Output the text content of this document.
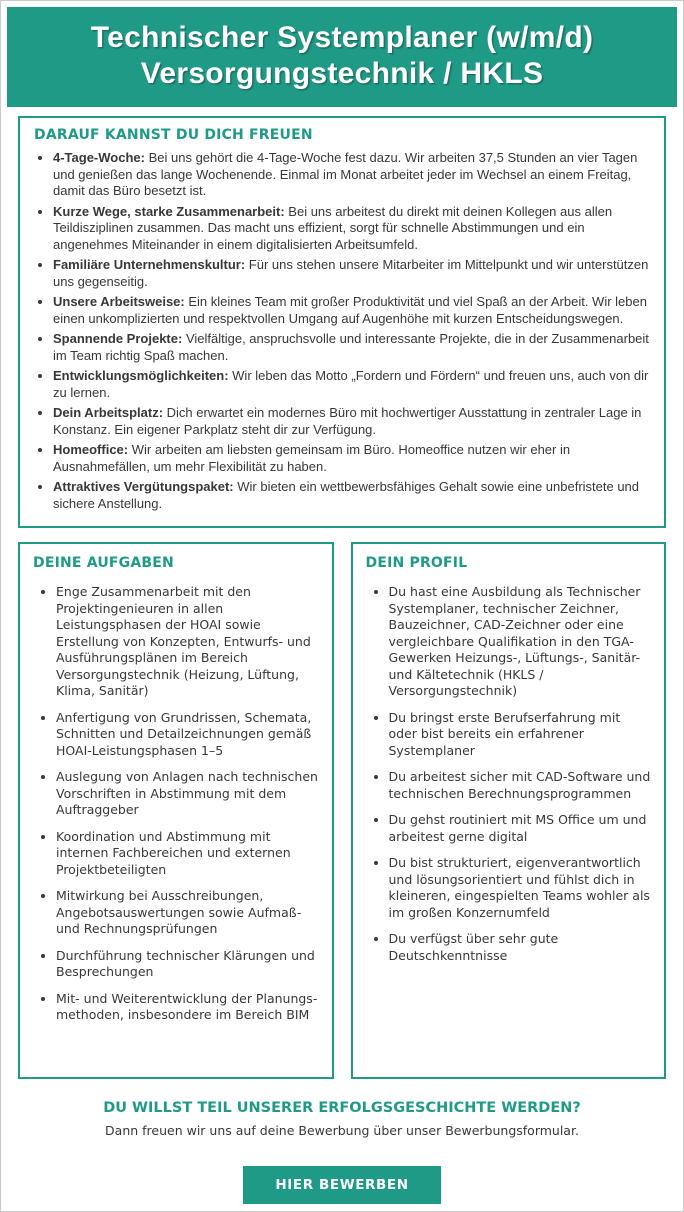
Technischer Systemplaner (w/m/d)
Versorgungstechnik / HKLS
DARAUF KANNST DU DICH FREUEN
• 4-Tage-Woche: Bei uns gehört die 4-Tage-Woche fest dazu. Wir arbeiten 37,5 Stunden an vier Tagen und genießen das lange Wochenende. Einmal im Monat arbeitet jeder im Wechsel an einem Freitag, damit das Büro besetzt ist.
• Kurze Wege, starke Zusammenarbeit: Bei uns arbeitest du direkt mit deinen Kollegen aus allen Teildisziplinen zusammen. Das macht uns effizient, sorgt für schnelle Abstimmungen und ein angenehmes Miteinander in einem digitalisierten Arbeitsumfeld.
• Familiäre Unternehmenskultur: Für uns stehen unsere Mitarbeiter im Mittelpunkt und wir unterstützen uns gegenseitig.
• Unsere Arbeitsweise: Ein kleines Team mit großer Produktivität und viel Spaß an der Arbeit. Wir leben einen unkomplizierten und respektvollen Umgang auf Augenhöhe mit kurzen Entscheidungswegen.
• Spannende Projekte: Vielfältige, anspruchsvolle und interessante Projekte, die in der Zusammenarbeit im Team richtig Spaß machen.
• Entwicklungsmöglichkeiten: Wir leben das Motto „Fordern und Fördern“ und freuen uns, auch von dir zu lernen.
• Dein Arbeitsplatz: Dich erwartet ein modernes Büro mit hochwertiger Ausstattung in zentraler Lage in Konstanz. Ein eigener Parkplatz steht dir zur Verfügung.
• Homeoffice: Wir arbeiten am liebsten gemeinsam im Büro. Homeoffice nutzen wir eher in Ausnahmefällen, um mehr Flexibilität zu haben.
• Attraktives Vergütungspaket: Wir bieten ein wettbewerbsfähiges Gehalt sowie eine unbefristete und sichere Anstellung.
DEINE AUFGABEN
• Enge Zusammenarbeit mit den Projektingenieuren in allen Leistungsphasen der HOAI sowie Erstellung von Konzepten, Entwurfs- und Ausführungsplänen im Bereich Versorgungstechnik (Heizung, Lüftung, Klima, Sanitär)
• Anfertigung von Grundrissen, Schemata, Schnitten und Detailzeichnungen gemäß HOAI-Leistungsphasen 1–5
• Auslegung von Anlagen nach technischen Vorschriften in Abstimmung mit dem Auftraggeber
• Koordination und Abstimmung mit internen Fachbereichen und externen Projektbeteiligten
• Mitwirkung bei Ausschreibungen, Angebotsauswertungen sowie Aufmaß- und Rechnungsprüfungen
• Durchführung technischer Klärungen und Besprechungen
• Mit- und Weiterentwicklung der Planungsmethoden, insbesondere im Bereich BIM
DEIN PROFIL
• Du hast eine Ausbildung als Technischer Systemplaner, technischer Zeichner, Bauzeichner, CAD-Zeichner oder eine vergleichbare Qualifikation in den TGA-Gewerken Heizungs-, Lüftungs-, Sanitär- und Kältetechnik (HKLS / Versorgungstechnik)
• Du bringst erste Berufserfahrung mit oder bist bereits ein erfahrener Systemplaner
• Du arbeitest sicher mit CAD-Software und technischen Berechnungsprogrammen
• Du gehst routiniert mit MS Office um und arbeitest gerne digital
• Du bist strukturiert, eigenverantwortlich und lösungsorientiert und fühlst dich in kleineren, eingespielten Teams wohler als im großen Konzernumfeld
• Du verfügst über sehr gute Deutschkenntnisse
DU WILLST TEIL UNSERER ERFOLGSGESCHICHTE WERDEN?

Dann freuen wir uns auf deine Bewerbung über unser Bewerbungsformular.

HIER BEWERBEN
